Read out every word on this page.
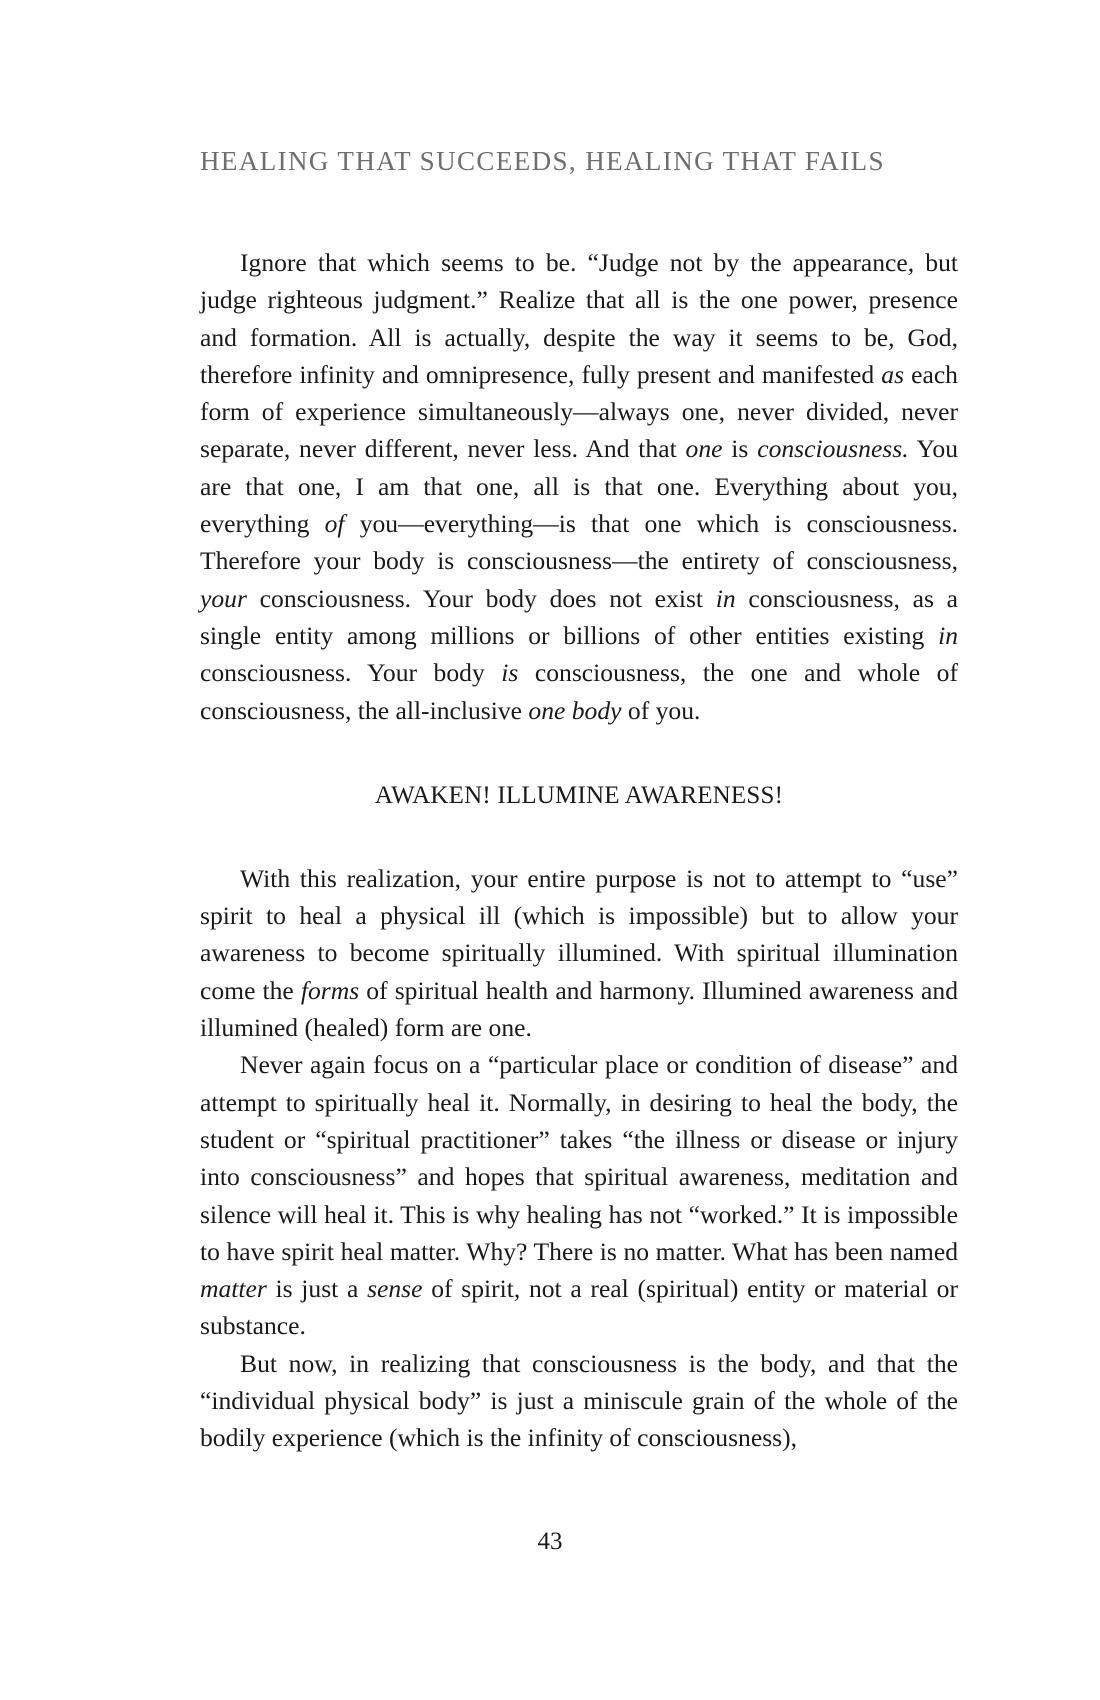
HEALING THAT SUCCEEDS, HEALING THAT FAILS

Ignore that which seems to be. “Judge not by the appearance, but judge righteous judgment.” Realize that all is the one power, presence and formation. All is actually, despite the way it seems to be, God, therefore infinity and omnipresence, fully present and manifested as each form of experience simultaneously—always one, never divided, never separate, never different, never less. And that one is consciousness. You are that one, I am that one, all is that one. Everything about you, everything of you—everything—is that one which is consciousness. Therefore your body is consciousness—the entirety of consciousness, your consciousness. Your body does not exist in consciousness, as a single entity among millions or billions of other entities existing in consciousness. Your body is consciousness, the one and whole of consciousness, the all-inclusive one body of you.

AWAKEN! ILLUMINE AWARENESS!

With this realization, your entire purpose is not to attempt to “use” spirit to heal a physical ill (which is impossible) but to allow your awareness to become spiritually illumined. With spiritual illumination come the forms of spiritual health and harmony. Illumined awareness and illumined (healed) form are one.

Never again focus on a “particular place or condition of disease” and attempt to spiritually heal it. Normally, in desiring to heal the body, the student or “spiritual practitioner” takes “the illness or disease or injury into consciousness” and hopes that spiritual awareness, meditation and silence will heal it. This is why healing has not “worked.” It is impossible to have spirit heal matter. Why? There is no matter. What has been named matter is just a sense of spirit, not a real (spiritual) entity or material or substance.

But now, in realizing that consciousness is the body, and that the “individual physical body” is just a miniscule grain of the whole of the bodily experience (which is the infinity of consciousness),

43
